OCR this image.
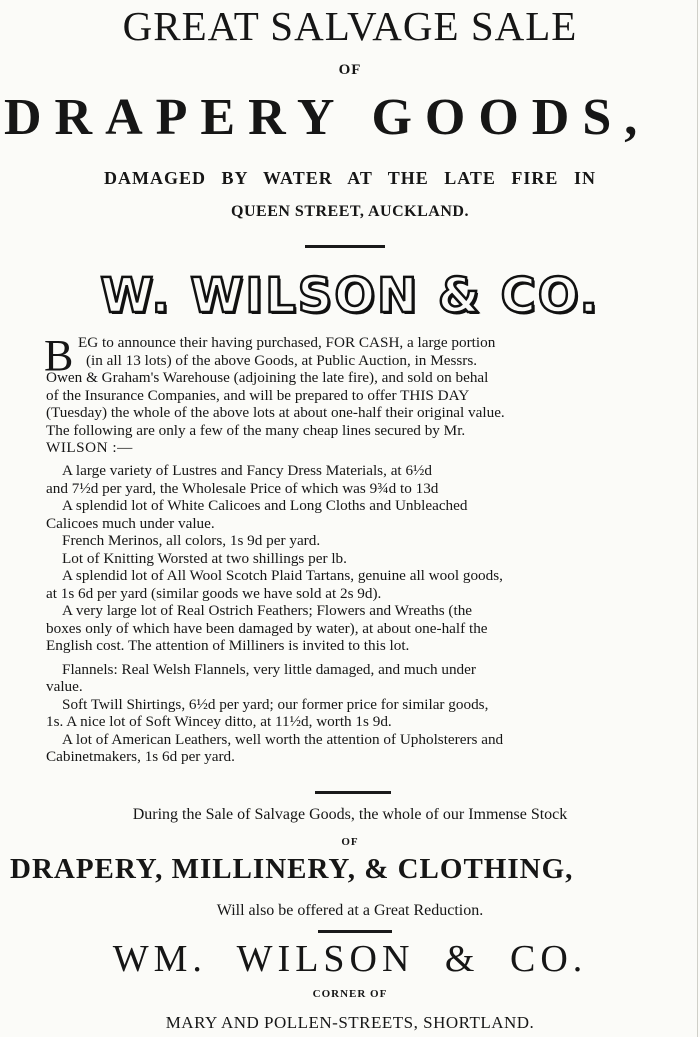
GREAT SALVAGE SALE
OF
DRAPERY GOODS,
DAMAGED BY WATER AT THE LATE FIRE IN
QUEEN STREET, AUCKLAND.
W. WILSON & CO.
B EG to announce their having purchased, FOR CASH, a large portion
(in all 13 lots) of the above Goods, at Public Auction, in Messrs.
Owen & Graham's Warehouse (adjoining the late fire), and sold on behal
of the Insurance Companies, and will be prepared to offer THIS DAY
(Tuesday) the whole of the above lots at about one-half their original value.
The following are only a few of the many cheap lines secured by Mr.
WILSON :—
A large variety of Lustres and Fancy Dress Materials, at 6½d
and 7½d per yard, the Wholesale Price of which was 9¾d to 13d
A splendid lot of White Calicoes and Long Cloths and Unbleached
Calicoes much under value.
French Merinos, all colors, 1s 9d per yard.
Lot of Knitting Worsted at two shillings per lb.
A splendid lot of All Wool Scotch Plaid Tartans, genuine all wool goods,
at 1s 6d per yard (similar goods we have sold at 2s 9d).
A very large lot of Real Ostrich Feathers; Flowers and Wreaths (the
boxes only of which have been damaged by water), at about one-half the
English cost. The attention of Milliners is invited to this lot.
Flannels: Real Welsh Flannels, very little damaged, and much under
value.
Soft Twill Shirtings, 6½d per yard; our former price for similar goods,
1s. A nice lot of Soft Wincey ditto, at 11½d, worth 1s 9d.
A lot of American Leathers, well worth the attention of Upholsterers and
Cabinetmakers, 1s 6d per yard.
During the Sale of Salvage Goods, the whole of our Immense Stock
OF
DRAPERY, MILLINERY, & CLOTHING,
Will also be offered at a Great Reduction.
WM. WILSON & CO.
CORNER OF
MARY AND POLLEN-STREETS, SHORTLAND.
